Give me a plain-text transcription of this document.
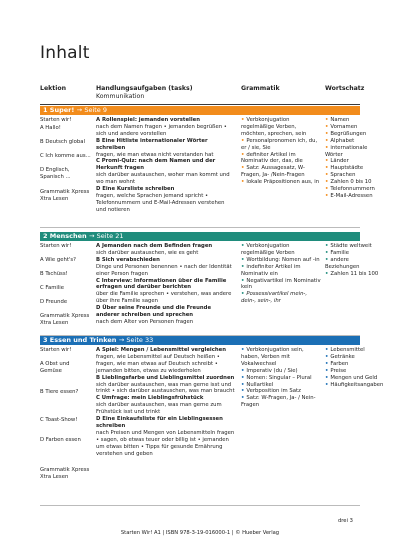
Inhalt
Lektion	Handlungsaufgaben (tasks)
Kommunikation
Grammatik	Wortschatz
1 Super! → Seite 9
Starten wir!
A Hallo!
B Deutsch global
C Ich komme aus...
D Englisch, Spanisch ...
Grammatik Xpress
Xtra Lesen
A Rollenspiel: jemanden vorstellen
nach dem Namen fragen • jemanden begrüßen • sich und andere vorstellen
B Eine Hitliste internationaler Wörter schreiben
fragen, wie man etwas nicht verstanden hat
C Promi-Quiz: nach dem Namen und der Herkunft fragen
sich darüber austauschen, woher man kommt und wo man wohnt
D Eine Kursliste schreiben
fragen, welche Sprachen jemand spricht • Telefonnummern und E-Mail-Adressen verstehen und notieren
• Verbkonjugation regelmäßige Verben, möchten, sprechen, sein
• Personalpronomen ich, du, er / sie, Sie
• definiter Artikel im Nominativ der, das, die
• Satz: Aussagesatz, W-Fragen, Ja- /Nein-Fragen
• lokale Präpositionen aus, in
• Namen
• Vornamen
• Begrüßungen
• Alphabet
• internationale Wörter
• Länder
• Hauptstädte
• Sprachen
• Zahlen 0 bis 10
• Telefonnummern
• E-Mail-Adressen
2 Menschen → Seite 21
Starten wir!
A Wie geht's?
B Tschüss!
C Familie
D Freunde
Grammatik Xpress
Xtra Lesen
A Jemanden nach dem Befinden fragen
sich darüber austauschen, wie es geht
B Sich verabschieden
Dinge und Personen benennen • nach der Identität einer Person fragen
C Interview: Informationen über die Familie erfragen und darüber berichten
über die Familie sprechen • verstehen, was andere über ihre Familie sagen
D Über seine Freunde und die Freunde anderer schreiben und sprechen
nach dem Alter von Personen fragen
• Verbkonjugation regelmäßige Verben
• Wortbildung: Nomen auf -in
• indefiniter Artikel im Nominativ ein
• Negativartikel im Nominativ kein
• Possessivartikel mein-, dein-, sein-, ihr
• Städte weltweit
• Familie
• andere Beziehungen
• Zahlen 11 bis 100
3 Essen und Trinken → Seite 33
Starten wir!
A Obst und Gemüse
B Tiere essen?
C Toast-Show!
D Farben essen
Grammatik Xpress
Xtra Lesen
A Spiel: Mengen / Lebensmittel vergleichen
fragen, wie Lebensmittel auf Deutsch heißen • fragen, wie man etwas auf Deutsch schreibt • jemanden bitten, etwas zu wiederholen
B Lieblingsfarbe und Lieblingsmittel zuordnen
sich darüber austauschen, was man gerne isst und trinkt • sich darüber austauschen, was man braucht
C Umfrage: mein Lieblingsfrühstück
sich darüber austauschen, was man gerne zum Frühstück isst und trinkt
D Eine Einkaufsliste für ein Lieblingsessen schreiben
nach Preisen und Mengen von Lebensmitteln fragen • sagen, ob etwas teuer oder billig ist • jemanden um etwas bitten • Tipps für gesunde Ernährung verstehen und geben
• Verbkonjugation sein, haben, Verben mit Vokalwechsel
• Imperativ (du / Sie)
• Nomen: Singular – Plural
• Nullartikel
• Verbposition im Satz
• Satz: W-Fragen, Ja- / Nein-Fragen
• Lebensmittel
• Getränke
• Farben
• Preise
• Mengen und Geld
• Häufigkeitsangaben
drei 3
Starten Wir! A1 | ISBN 978-3-19-016000-1 | © Hueber Verlag
